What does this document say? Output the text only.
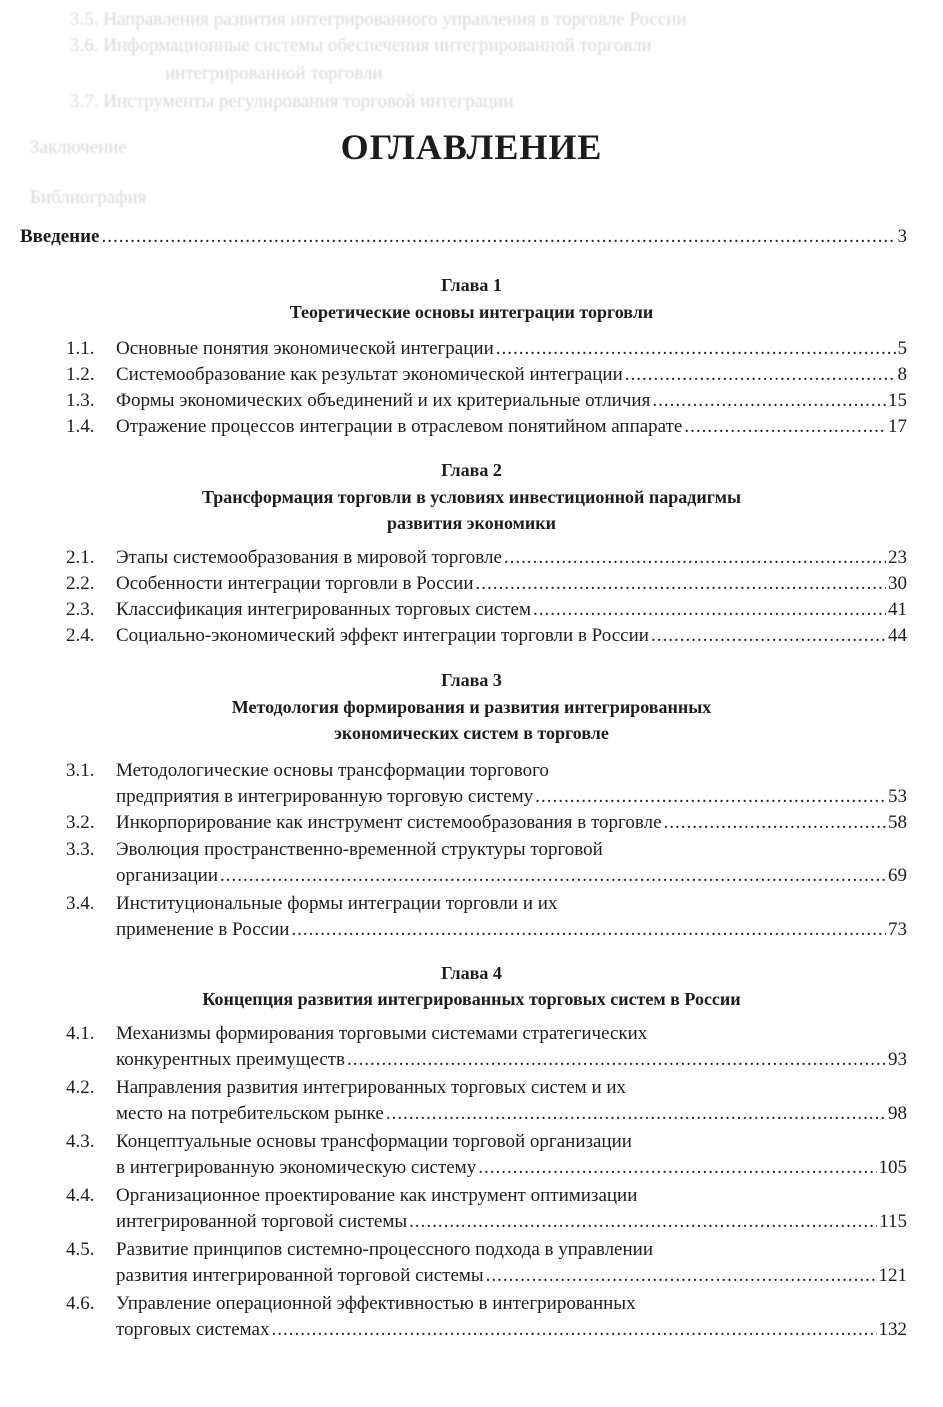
3.5. Направления развития интегрированного управления в торговле России
3.6. Информационные системы обеспечения интегрированной торговли
интегрированной торговли
3.7. Инструменты регулирования торговой интеграции
Заключение
Библиография
ОГЛАВЛЕНИЕ
Введение .....	3
Глава 1
Теоретические основы интеграции торговли
1.1.	Основные понятия экономической интеграции .....	5
1.2.	Системообразование как результат экономической интеграции .....	8
1.3.	Формы экономических объединений и их критериальные отличия .....	15
1.4.	Отражение процессов интеграции в отраслевом понятийном аппарате .....	17
Глава 2
Трансформация торговли в условиях инвестиционной парадигмы
развития экономики
2.1.	Этапы системообразования в мировой торговле .....	23
2.2.	Особенности интеграции торговли в России .....	30
2.3.	Классификация интегрированных торговых систем .....	41
2.4.	Социально-экономический эффект интеграции торговли в России .....	44
Глава 3
Методология формирования и развития интегрированных
экономических систем в торговле
3.1.	Методологические основы трансформации торгового
предприятия в интегрированную торговую систему .....	53
3.2.	Инкорпорирование как инструмент системообразования в торговле .....	58
3.3.	Эволюция пространственно-временной структуры торговой
организации .....	69
3.4.	Институциональные формы интеграции торговли и их
применение в России .....	73
Глава 4
Концепция развития интегрированных торговых систем в России
4.1.	Механизмы формирования торговыми системами стратегических
конкурентных преимуществ .....	93
4.2.	Направления развития интегрированных торговых систем и их
место на потребительском рынке .....	98
4.3.	Концептуальные основы трансформации торговой организации
в интегрированную экономическую систему .....	105
4.4.	Организационное проектирование как инструмент оптимизации
интегрированной торговой системы .....	115
4.5.	Развитие принципов системно-процессного подхода в управлении
развития интегрированной торговой системы .....	121
4.6.	Управление операционной эффективностью в интегрированных
торговых системах .....	132
